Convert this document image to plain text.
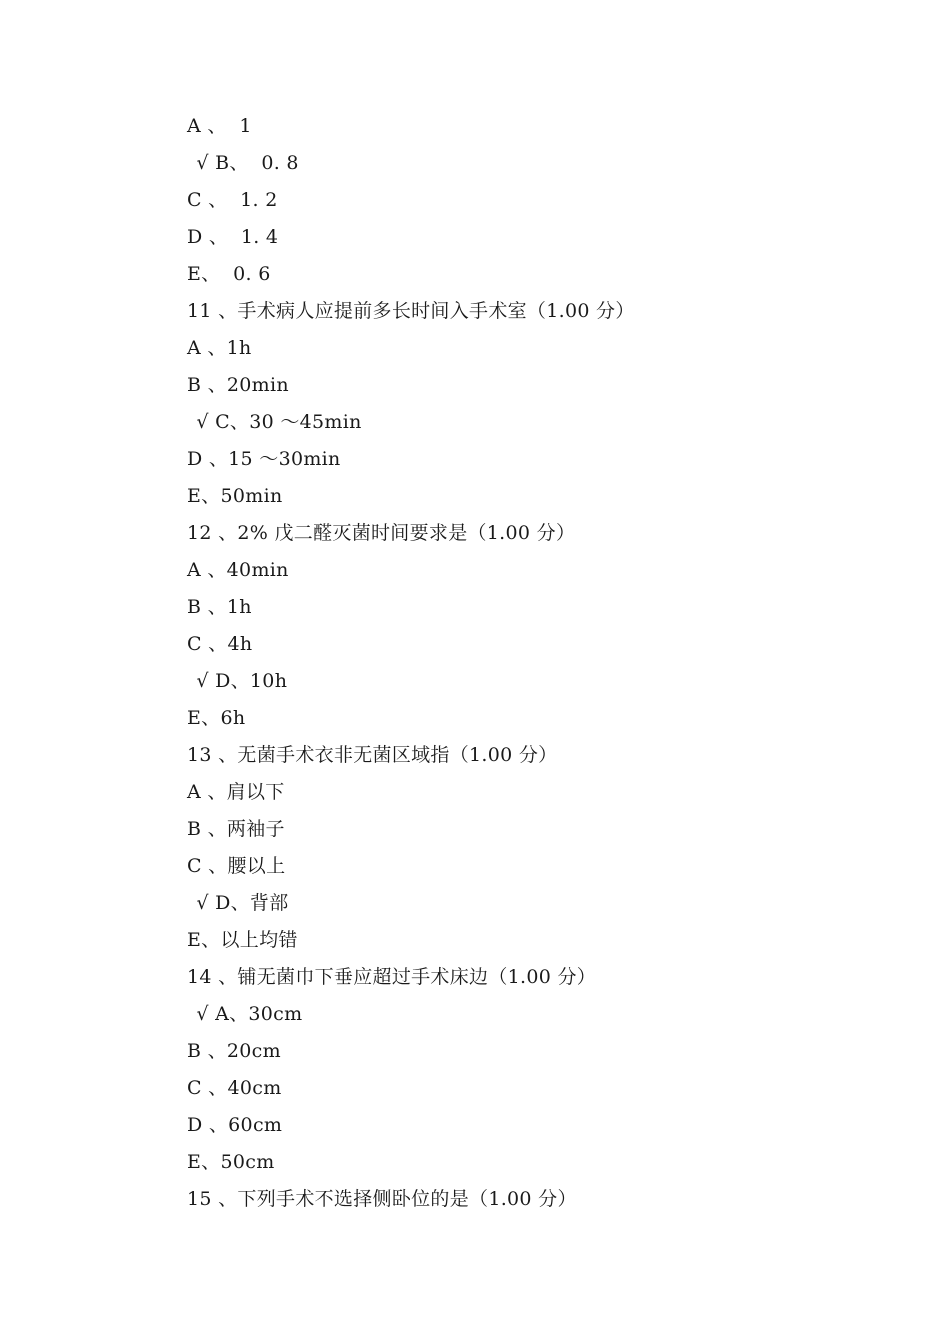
A 、  1
√ B、  0. 8
C 、  1. 2
D 、  1. 4
E、  0. 6
11 、手术病人应提前多长时间入手术室（1.00 分）
A 、1h
B 、20min
√ C、30 ～45min
D 、15 ～30min
E、50min
12 、2% 戊二醛灭菌时间要求是（1.00 分）
A 、40min
B 、1h
C 、4h
√ D、10h
E、6h
13 、无菌手术衣非无菌区域指（1.00 分）
A 、肩以下
B 、两袖子
C 、腰以上
√ D、背部
E、以上均错
14 、铺无菌巾下垂应超过手术床边（1.00 分）
√ A、30cm
B 、20cm
C 、40cm
D 、60cm
E、50cm
15 、下列手术不选择侧卧位的是（1.00 分）
